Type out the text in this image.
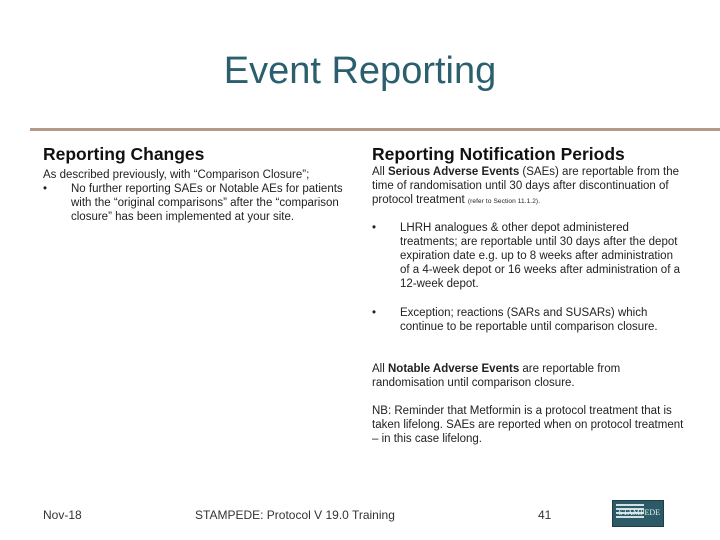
Event Reporting
Reporting Changes
As described previously, with “Comparison Closure”;
•	No further reporting SAEs or Notable AEs for patients with the “original comparisons” after the “comparison closure” has been implemented at your site.
Reporting Notification Periods
All Serious Adverse Events (SAEs) are reportable from the time of randomisation until 30 days after discontinuation of protocol treatment (refer to Section 11.1.2).
•	LHRH analogues & other depot administered treatments; are reportable until 30 days after the depot expiration date e.g. up to 8 weeks after administration of a 4-week depot or 16 weeks after administration of a 12-week depot.
•	Exception; reactions (SARs and SUSARs) which continue to be reportable until comparison closure.
All Notable Adverse Events are reportable from randomisation until comparison closure.
NB: Reminder that Metformin is a protocol treatment that is taken lifelong. SAEs are reported when on protocol treatment – in this case lifelong.
Nov-18	STAMPEDE: Protocol V 19.0 Training	41	STAMPEDE
